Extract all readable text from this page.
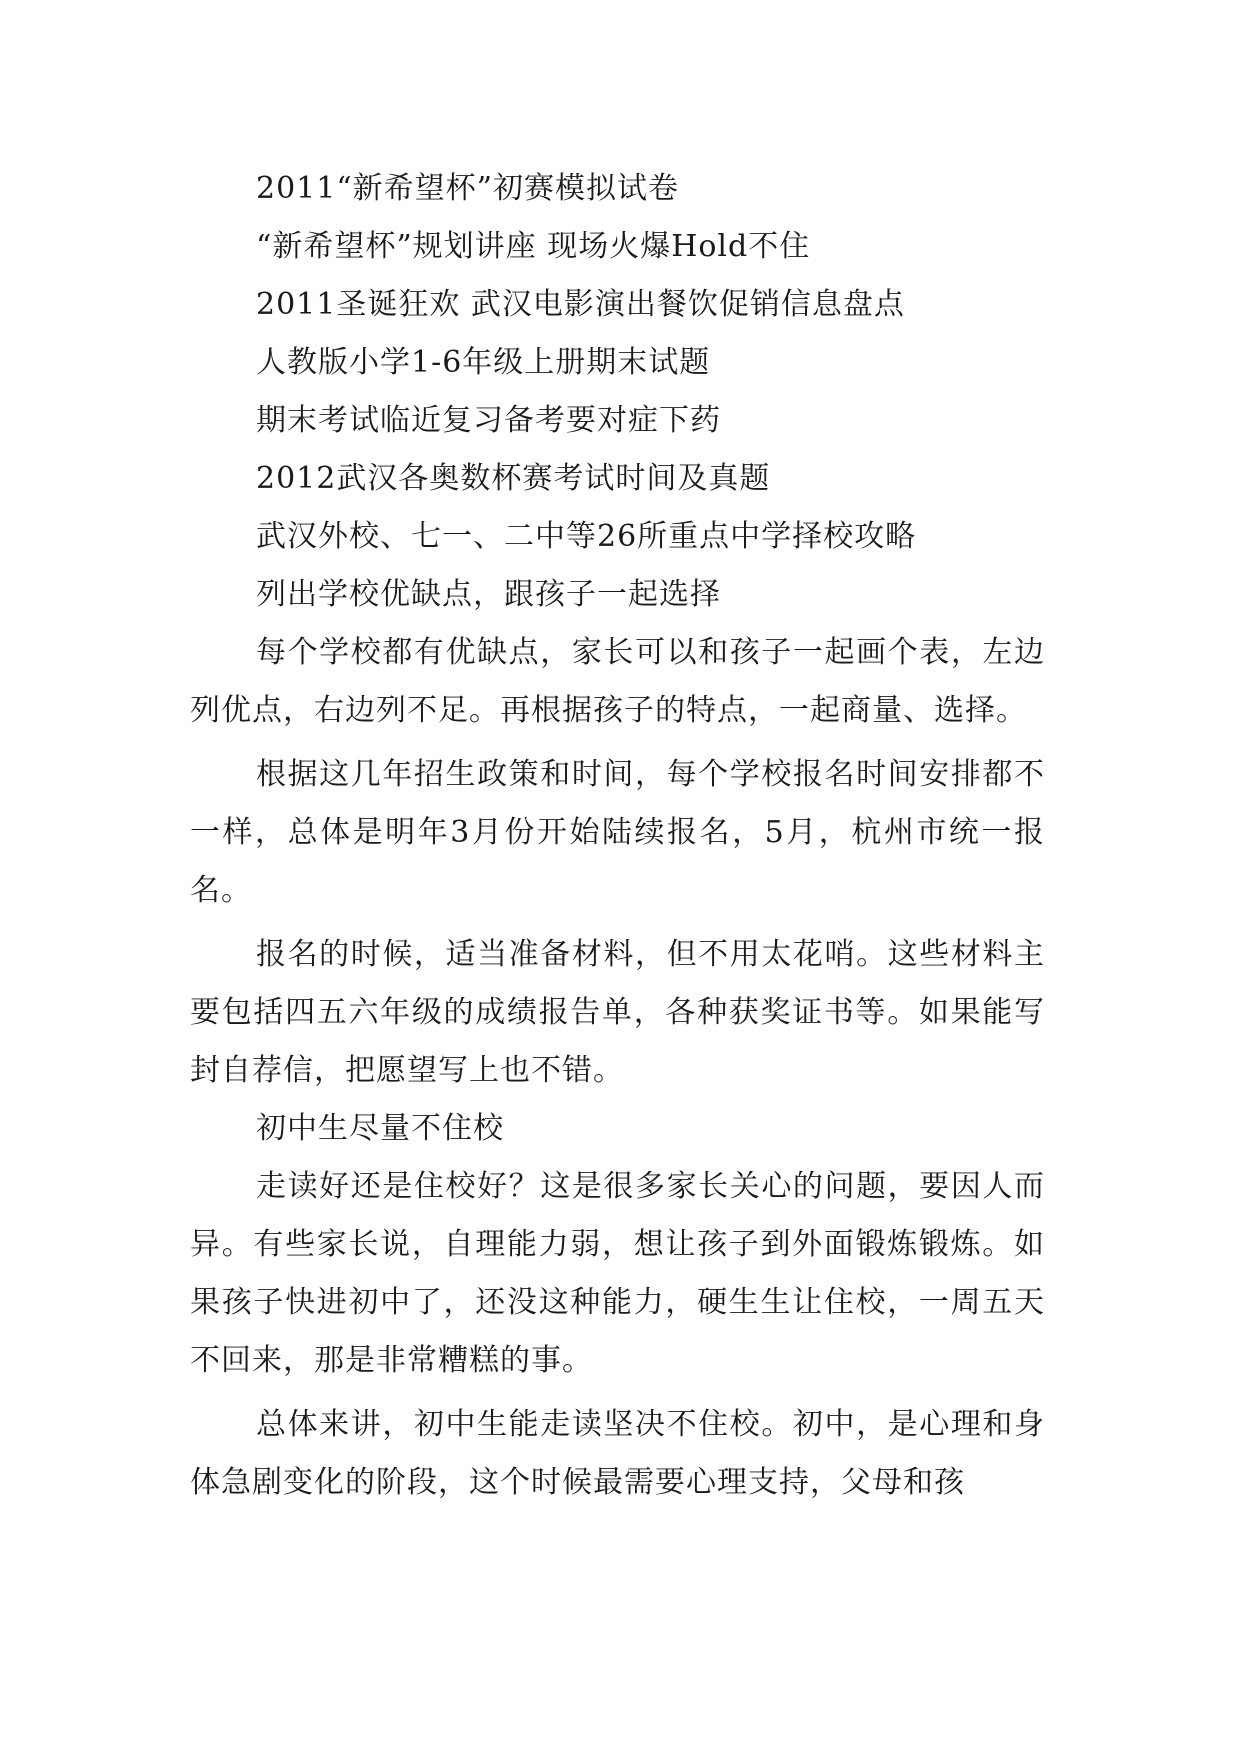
2011“新希望杯”初赛模拟试卷
“新希望杯”规划讲座 现场火爆Hold不住
2011圣诞狂欢 武汉电影演出餐饮促销信息盘点
人教版小学1-6年级上册期末试题
期末考试临近复习备考要对症下药
2012武汉各奥数杯赛考试时间及真题
武汉外校、七一、二中等26所重点中学择校攻略
列出学校优缺点，跟孩子一起选择

每个学校都有优缺点，家长可以和孩子一起画个表，左边列优点，右边列不足。再根据孩子的特点，一起商量、选择。

根据这几年招生政策和时间，每个学校报名时间安排都不一样，总体是明年3月份开始陆续报名，5月，杭州市统一报名。

报名的时候，适当准备材料，但不用太花哨。这些材料主要包括四五六年级的成绩报告单，各种获奖证书等。如果能写封自荐信，把愿望写上也不错。

初中生尽量不住校

走读好还是住校好？这是很多家长关心的问题，要因人而异。有些家长说，自理能力弱，想让孩子到外面锻炼锻炼。如果孩子快进初中了，还没这种能力，硬生生让住校，一周五天不回来，那是非常糟糕的事。

总体来讲，初中生能走读坚决不住校。初中，是心理和身体急剧变化的阶段，这个时候最需要心理支持，父母和孩
